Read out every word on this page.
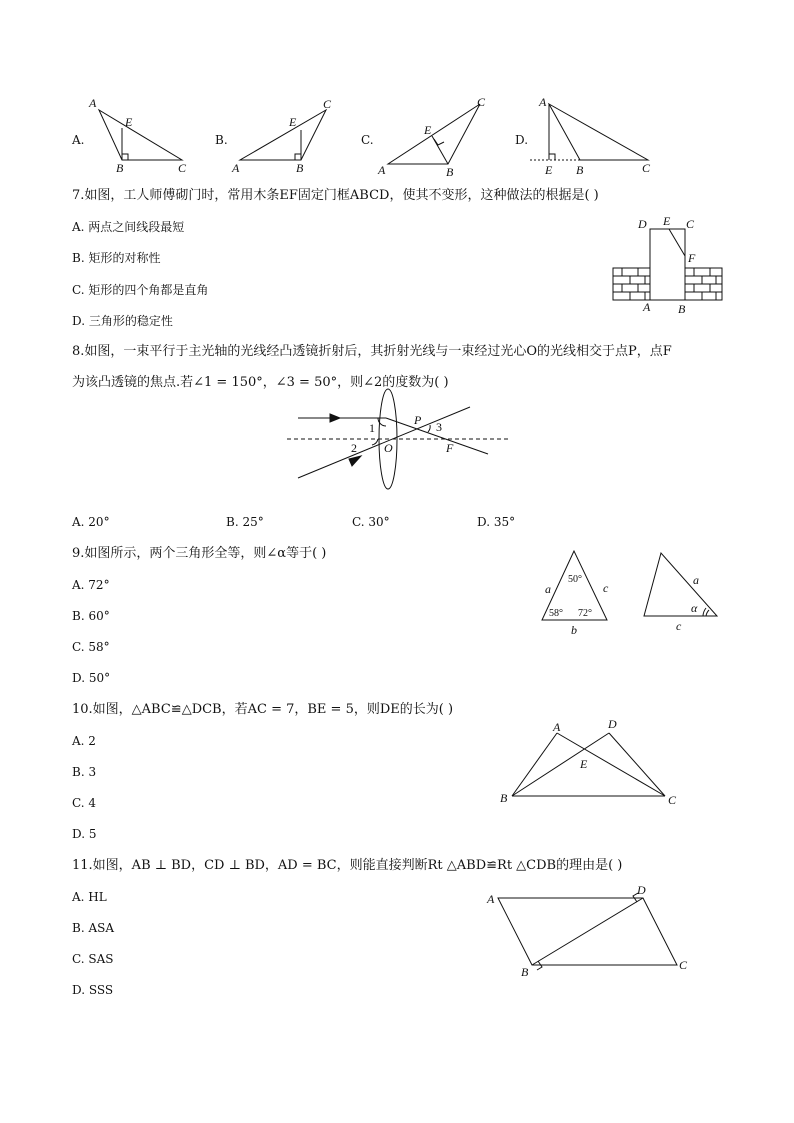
A.
A
E
B	C
B.
A
E
B
C
C.
A
E
B
C
D.
A
E B	C
7.如图，工人师傅砌门时，常用木条EF固定门框ABCD，使其不变形，这种做法的根据是( )
A. 两点之间线段最短
B. 矩形的对称性
C. 矩形的四个角都是直角
D. 三角形的稳定性
D E C
F
A B
8.如图，一束平行于主光轴的光线经凸透镜折射后，其折射光线与一束经过光心O的光线相交于点P，点F
为该凸透镜的焦点.若∠1 = 150°，∠3 = 50°，则∠2的度数为( )
1
2
3
P
O	F
A. 20°	B. 25°	C. 30°	D. 35°
9.如图所示，两个三角形全等，则∠α等于( )
A. 72°
B. 60°
C. 58°
D. 50°
a	c
b
50°
58° 72°
a
c
α
10.如图，△ABC≌△DCB，若AC = 7，BE = 5，则DE的长为( )
A. 2
B. 3
C. 4
D. 5
A	D
E
B	C
11.如图，AB ⊥ BD，CD ⊥ BD，AD = BC，则能直接判断Rt △ABD≌Rt △CDB的理由是( )
A. HL
B. ASA
C. SAS
D. SSS
A
D
B	C
